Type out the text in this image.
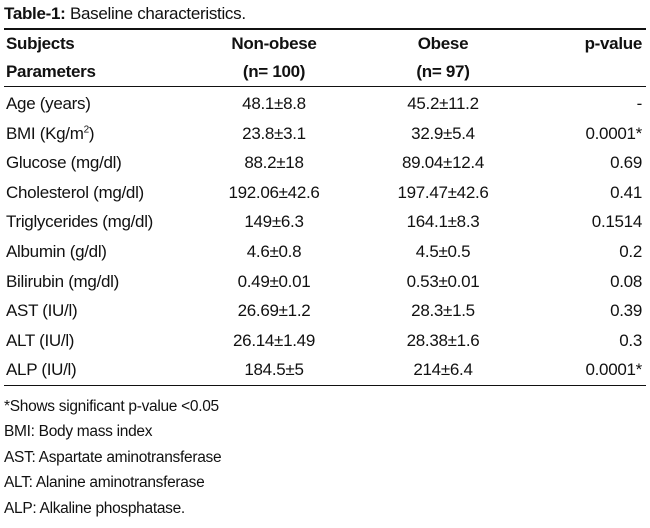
Table-1: Baseline characteristics.
Subjects	Non-obese	Obese	p-value
Parameters	(n= 100)	(n= 97)	
Age (years)	48.1±8.8	45.2±11.2	-
BMI $(Kg/m^2)$	23.8±3.1	32.9±5.4	0.0001*
Glucose (mg/dl)	88.2±18	89.04±12.4	0.69
Cholesterol (mg/dl)	192.06±42.6	197.47±42.6	0.41
Triglycerides (mg/dl)	149±6.3	164.1±8.3	0.1514
Albumin (g/dl)	4.6±0.8	4.5±0.5	0.2
Bilirubin (mg/dl)	0.49±0.01	0.53±0.01	0.08
AST (IU/l)	26.69±1.2	28.3±1.5	0.39
ALT (IU/l)	26.14±1.49	28.38±1.6	0.3
ALP (IU/l)	184.5±5	214±6.4	0.0001*
*Shows significant p-value <0.05
BMI: Body mass index
AST: Aspartate aminotransferase
ALT: Alanine aminotransferase
ALP: Alkaline phosphatase.
